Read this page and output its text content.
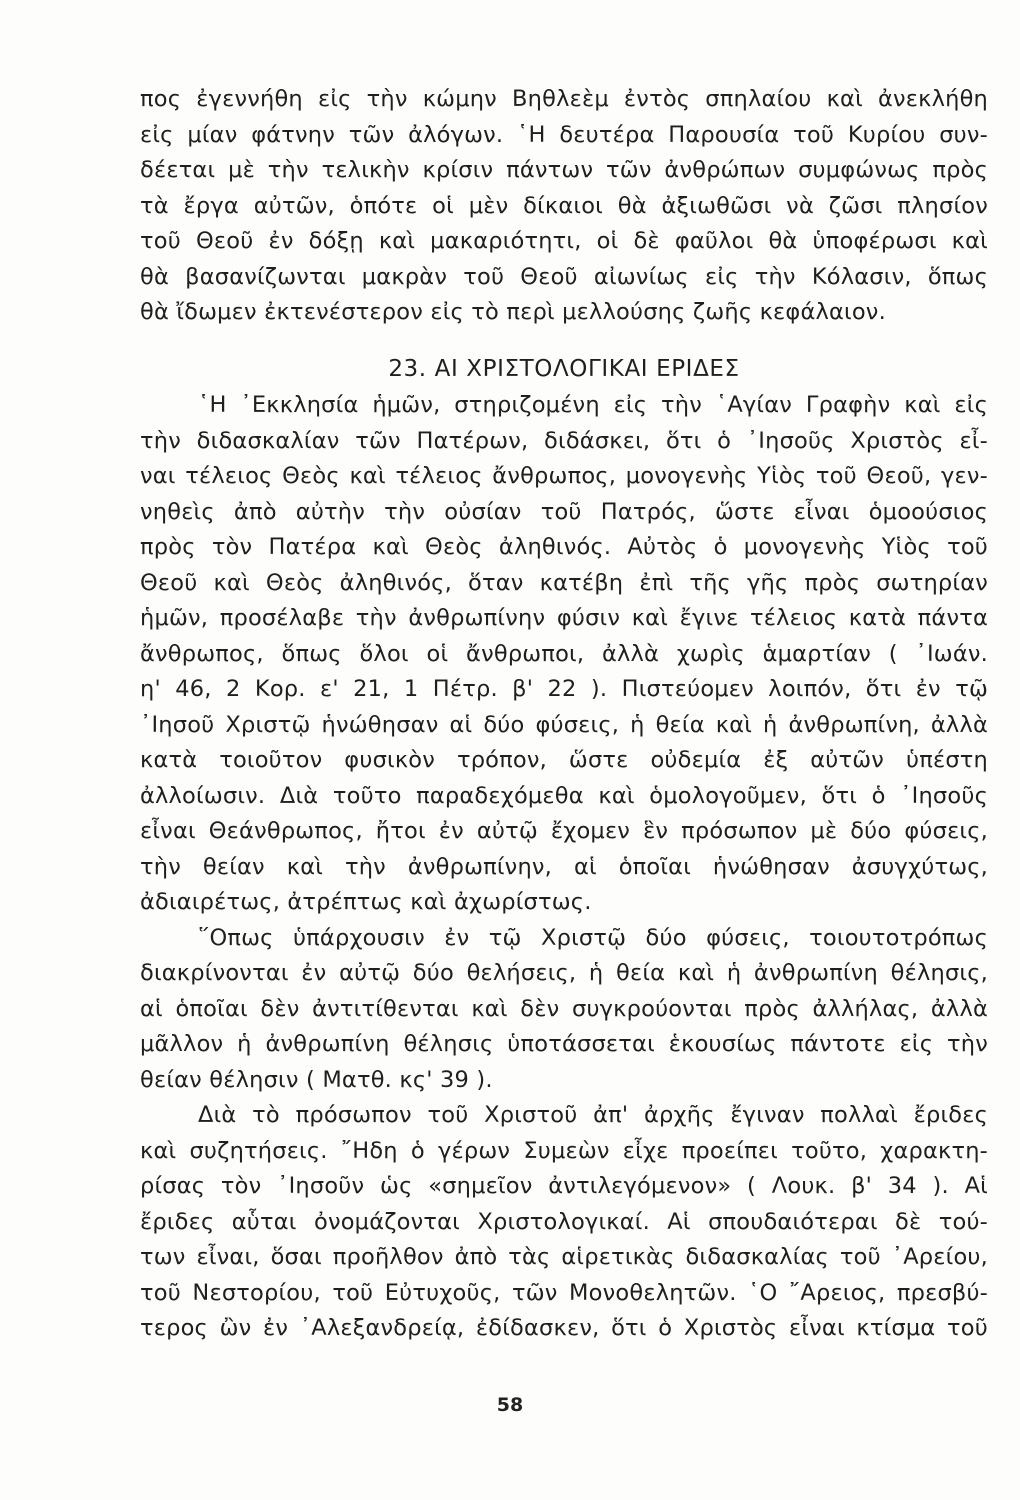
πος ἐγεννήθη εἰς τὴν κώμην Βηθλεὲμ ἐντὸς σπηλαίου καὶ ἀνεκλήθη
εἰς μίαν φάτνην τῶν ἀλόγων. ῾Η δευτέρα Παρουσία τοῦ Κυρίου συν-
δέεται μὲ τὴν τελικὴν κρίσιν πάντων τῶν ἀνθρώπων συμφώνως πρὸς
τὰ ἔργα αὐτῶν, ὁπότε οἱ μὲν δίκαιοι θὰ ἀξιωθῶσι νὰ ζῶσι πλησίον
τοῦ Θεοῦ ἐν δόξῃ καὶ μακαριότητι, οἱ δὲ φαῦλοι θὰ ὑποφέρωσι καὶ
θὰ βασανίζωνται μακρὰν τοῦ Θεοῦ αἰωνίως εἰς τὴν Κόλασιν, ὅπως
θὰ ἴδωμεν ἐκτενέστερον εἰς τὸ περὶ μελλούσης ζωῆς κεφάλαιον.
23. ΑΙ ΧΡΙΣΤΟΛΟΓΙΚΑΙ ΕΡΙΔΕΣ
῾Η ᾿Εκκλησία ἡμῶν, στηριζομένη εἰς τὴν ῾Αγίαν Γραφὴν καὶ εἰς
τὴν διδασκαλίαν τῶν Πατέρων, διδάσκει, ὅτι ὁ ᾿Ιησοῦς Χριστὸς εἶ-
ναι τέλειος Θεὸς καὶ τέλειος ἄνθρωπος, μονογενὴς Υἱὸς τοῦ Θεοῦ, γεν-
νηθεὶς ἀπὸ αὐτὴν τὴν οὐσίαν τοῦ Πατρός, ὥστε εἶναι ὁμοούσιος
πρὸς τὸν Πατέρα καὶ Θεὸς ἀληθινός. Αὐτὸς ὁ μονογενὴς Υἱὸς τοῦ
Θεοῦ καὶ Θεὸς ἀληθινός, ὅταν κατέβη ἐπὶ τῆς γῆς πρὸς σωτηρίαν
ἡμῶν, προσέλαβε τὴν ἀνθρωπίνην φύσιν καὶ ἔγινε τέλειος κατὰ πάντα
ἄνθρωπος, ὅπως ὅλοι οἱ ἄνθρωποι, ἀλλὰ χωρὶς ἁμαρτίαν ( ᾿Ιωάν.
η' 46, 2 Κορ. ε' 21, 1 Πέτρ. β' 22 ). Πιστεύομεν λοιπόν, ὅτι ἐν τῷ
᾿Ιησοῦ Χριστῷ ἡνώθησαν αἱ δύο φύσεις, ἡ θεία καὶ ἡ ἀνθρωπίνη, ἀλλὰ
κατὰ τοιοῦτον φυσικὸν τρόπον, ὥστε οὐδεμία ἐξ αὐτῶν ὑπέστη
ἀλλοίωσιν. Διὰ τοῦτο παραδεχόμεθα καὶ ὁμολογοῦμεν, ὅτι ὁ ᾿Ιησοῦς
εἶναι Θεάνθρωπος, ἤτοι ἐν αὐτῷ ἔχομεν ἓν πρόσωπον μὲ δύο φύσεις,
τὴν θείαν καὶ τὴν ἀνθρωπίνην, αἱ ὁποῖαι ἡνώθησαν ἀσυγχύτως,
ἀδιαιρέτως, ἀτρέπτως καὶ ἀχωρίστως.
῞Οπως ὑπάρχουσιν ἐν τῷ Χριστῷ δύο φύσεις, τοιουτοτρόπως
διακρίνονται ἐν αὐτῷ δύο θελήσεις, ἡ θεία καὶ ἡ ἀνθρωπίνη θέλησις,
αἱ ὁποῖαι δὲν ἀντιτίθενται καὶ δὲν συγκρούονται πρὸς ἀλλήλας, ἀλλὰ
μᾶλλον ἡ ἀνθρωπίνη θέλησις ὑποτάσσεται ἑκουσίως πάντοτε εἰς τὴν
θείαν θέλησιν ( Ματθ. κς' 39 ).
Διὰ τὸ πρόσωπον τοῦ Χριστοῦ ἀπ' ἀρχῆς ἔγιναν πολλαὶ ἔριδες
καὶ συζητήσεις. ῎Ηδη ὁ γέρων Συμεὼν εἶχε προείπει τοῦτο, χαρακτη-
ρίσας τὸν ᾿Ιησοῦν ὡς «σημεῖον ἀντιλεγόμενον» ( Λουκ. β' 34 ). Αἱ
ἔριδες αὗται ὀνομάζονται Χριστολογικαί. Αἱ σπουδαιότεραι δὲ τού-
των εἶναι, ὅσαι προῆλθον ἀπὸ τὰς αἱρετικὰς διδασκαλίας τοῦ ᾿Αρείου,
τοῦ Νεστορίου, τοῦ Εὐτυχοῦς, τῶν Μονοθελητῶν. ῾Ο ῎Αρειος, πρεσβύ-
τερος ὢν ἐν ᾿Αλεξανδρείᾳ, ἐδίδασκεν, ὅτι ὁ Χριστὸς εἶναι κτίσμα τοῦ
58
